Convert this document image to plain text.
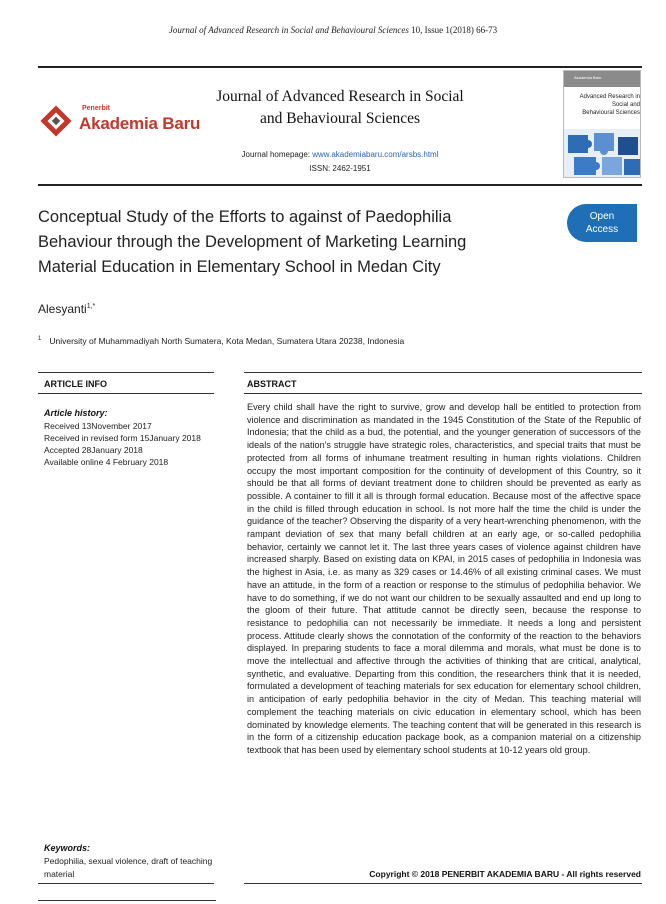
Journal of Advanced Research in Social and Behavioural Sciences 10, Issue 1(2018) 66-73
Penerbit
Akademia Baru
Journal of Advanced Research in Social
and Behavioural Sciences
Journal homepage: www.akademiabaru.com/arsbs.html
ISSN: 2462-1951
Akademia Baru
Advanced Research in
Social and
Behavioural Sciences
Conceptual Study of the Efforts to against of Paedophilia
Behaviour through the Development of Marketing Learning
Material Education in Elementary School in Medan City
Open
Access
Alesyanti$^{1,*}$
$^1$ University of Muhammadiyah North Sumatera, Kota Medan, Sumatera Utara 20238, Indonesia
ARTICLE INFO	ABSTRACT
Article history:
Received 13November 2017
Received in revised form 15January 2018
Accepted 28January 2018
Available online 4 February 2018
Every child shall have the right to survive, grow and develop hall be entitled to protection from violence and discrimination as mandated in the 1945 Constitution of the State of the Republic of Indonesia; that the child as a bud, the potential, and the younger generation of successors of the ideals of the nation's struggle have strategic roles, characteristics, and special traits that must be protected from all forms of inhumane treatment resulting in human rights violations. Children occupy the most important composition for the continuity of development of this Country, so it should be that all forms of deviant treatment done to children should be prevented as early as possible. A container to fill it all is through formal education. Because most of the affective space in the child is filled through education in school. Is not more half the time the child is under the guidance of the teacher? Observing the disparity of a very heart-wrenching phenomenon, with the rampant deviation of sex that many befall children at an early age, or so-called pedophilia behavior, certainly we cannot let it. The last three years cases of violence against children have increased sharply. Based on existing data on KPAI, in 2015 cases of pedophilia in Indonesia was the highest in Asia, i.e. as many as 329 cases or 14.46% of all existing criminal cases. We must have an attitude, in the form of a reaction or response to the stimulus of pedophilia behavior. We have to do something, if we do not want our children to be sexually assaulted and end up long to the gloom of their future. That attitude cannot be directly seen, because the response to resistance to pedophilia can not necessarily be immediate. It needs a long and persistent process. Attitude clearly shows the connotation of the conformity of the reaction to the behaviors displayed. In preparing students to face a moral dilemma and morals, what must be done is to move the intellectual and affective through the activities of thinking that are critical, analytical, synthetic, and evaluative. Departing from this condition, the researchers think that it is needed, formulated a development of teaching materials for sex education for elementary school children, in anticipation of early pedophilia behavior in the city of Medan. This teaching material will complement the teaching materials on civic education in elementary school, which has been dominated by knowledge elements. The teaching content that will be generated in this research is in the form of a citizenship education package book, as a companion material on a citizenship textbook that has been used by elementary school students at 10-12 years old group.
Keywords:
Pedophilia, sexual violence, draft of teaching material	Copyright © 2018 PENERBIT AKADEMIA BARU - All rights reserved
